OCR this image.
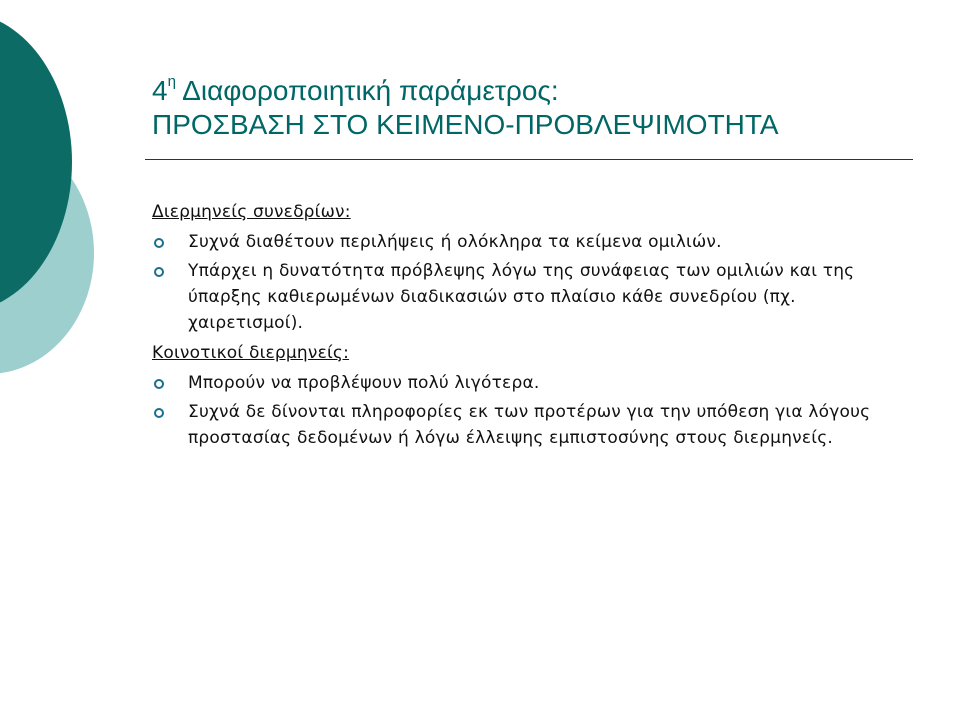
$4^\eta$ Διαφοροποιητική παράμετρος:
ΠΡΟΣΒΑΣΗ ΣΤΟ ΚΕΙΜΕΝΟ-ΠΡΟΒΛΕΨΙΜΟΤΗΤΑ
Διερμηνείς συνεδρίων:
Συχνά διαθέτουν περιλήψεις ή ολόκληρα τα κείμενα ομιλιών.
Υπάρχει η δυνατότητα πρόβλεψης λόγω της συνάφειας των ομιλιών και της ύπαρξης καθιερωμένων διαδικασιών στο πλαίσιο κάθε συνεδρίου (πχ. χαιρετισμοί).
Κοινοτικοί διερμηνείς:
Μπορούν να προβλέψουν πολύ λιγότερα.
Συχνά δε δίνονται πληροφορίες εκ των προτέρων για την υπόθεση για λόγους προστασίας δεδομένων ή λόγω έλλειψης εμπιστοσύνης στους διερμηνείς.
